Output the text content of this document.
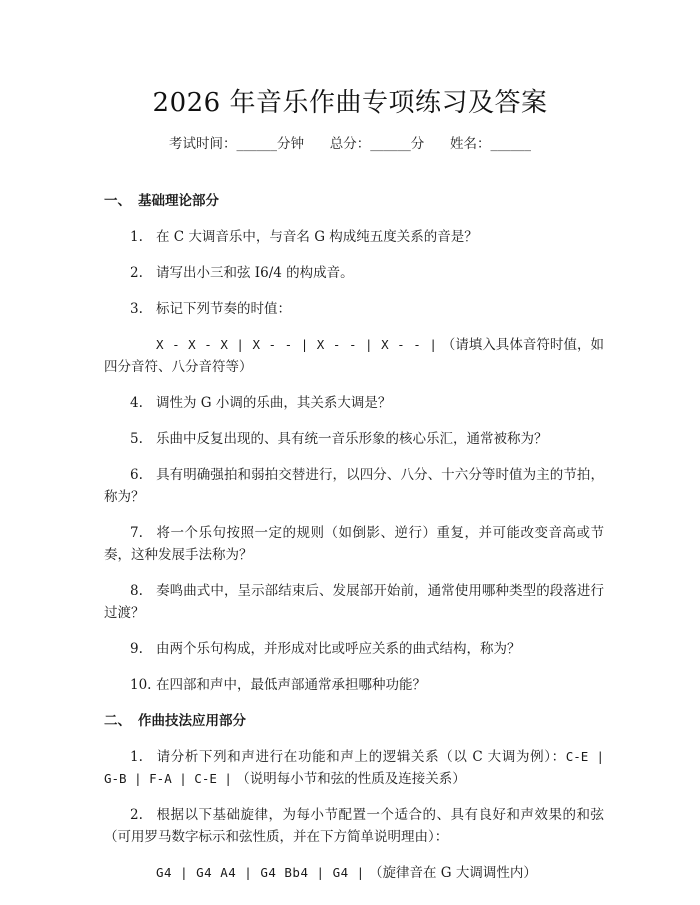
2026 年音乐作曲专项练习及答案
考试时间：______分钟      总分：______分      姓名：______
一、 基础理论部分
1. 在 C 大调音乐中，与音名 G 构成纯五度关系的音是？
2. 请写出小三和弦 I6/4 的构成音。
3. 标记下列节奏的时值：
X - X - X | X - - | X - - | X - - | （请填入具体音符时值，如四分音符、八分音符等）
4. 调性为 G 小调的乐曲，其关系大调是？
5. 乐曲中反复出现的、具有统一音乐形象的核心乐汇，通常被称为？
6. 具有明确强拍和弱拍交替进行，以四分、八分、十六分等时值为主的节拍，称为？
7. 将一个乐句按照一定的规则（如倒影、逆行）重复，并可能改变音高或节奏，这种发展手法称为？
8. 奏鸣曲式中，呈示部结束后、发展部开始前，通常使用哪种类型的段落进行过渡？
9. 由两个乐句构成，并形成对比或呼应关系的曲式结构，称为？
10. 在四部和声中，最低声部通常承担哪种功能？
二、 作曲技法应用部分
1. 请分析下列和声进行在功能和声上的逻辑关系（以 C 大调为例）：C-E | G-B | F-A | C-E | （说明每小节和弦的性质及连接关系）
2. 根据以下基础旋律，为每小节配置一个适合的、具有良好和声效果的和弦（可用罗马数字标示和弦性质，并在下方简单说明理由）：
G4 | G4 A4 | G4 Bb4 | G4 | （旋律音在 G 大调调性内）
